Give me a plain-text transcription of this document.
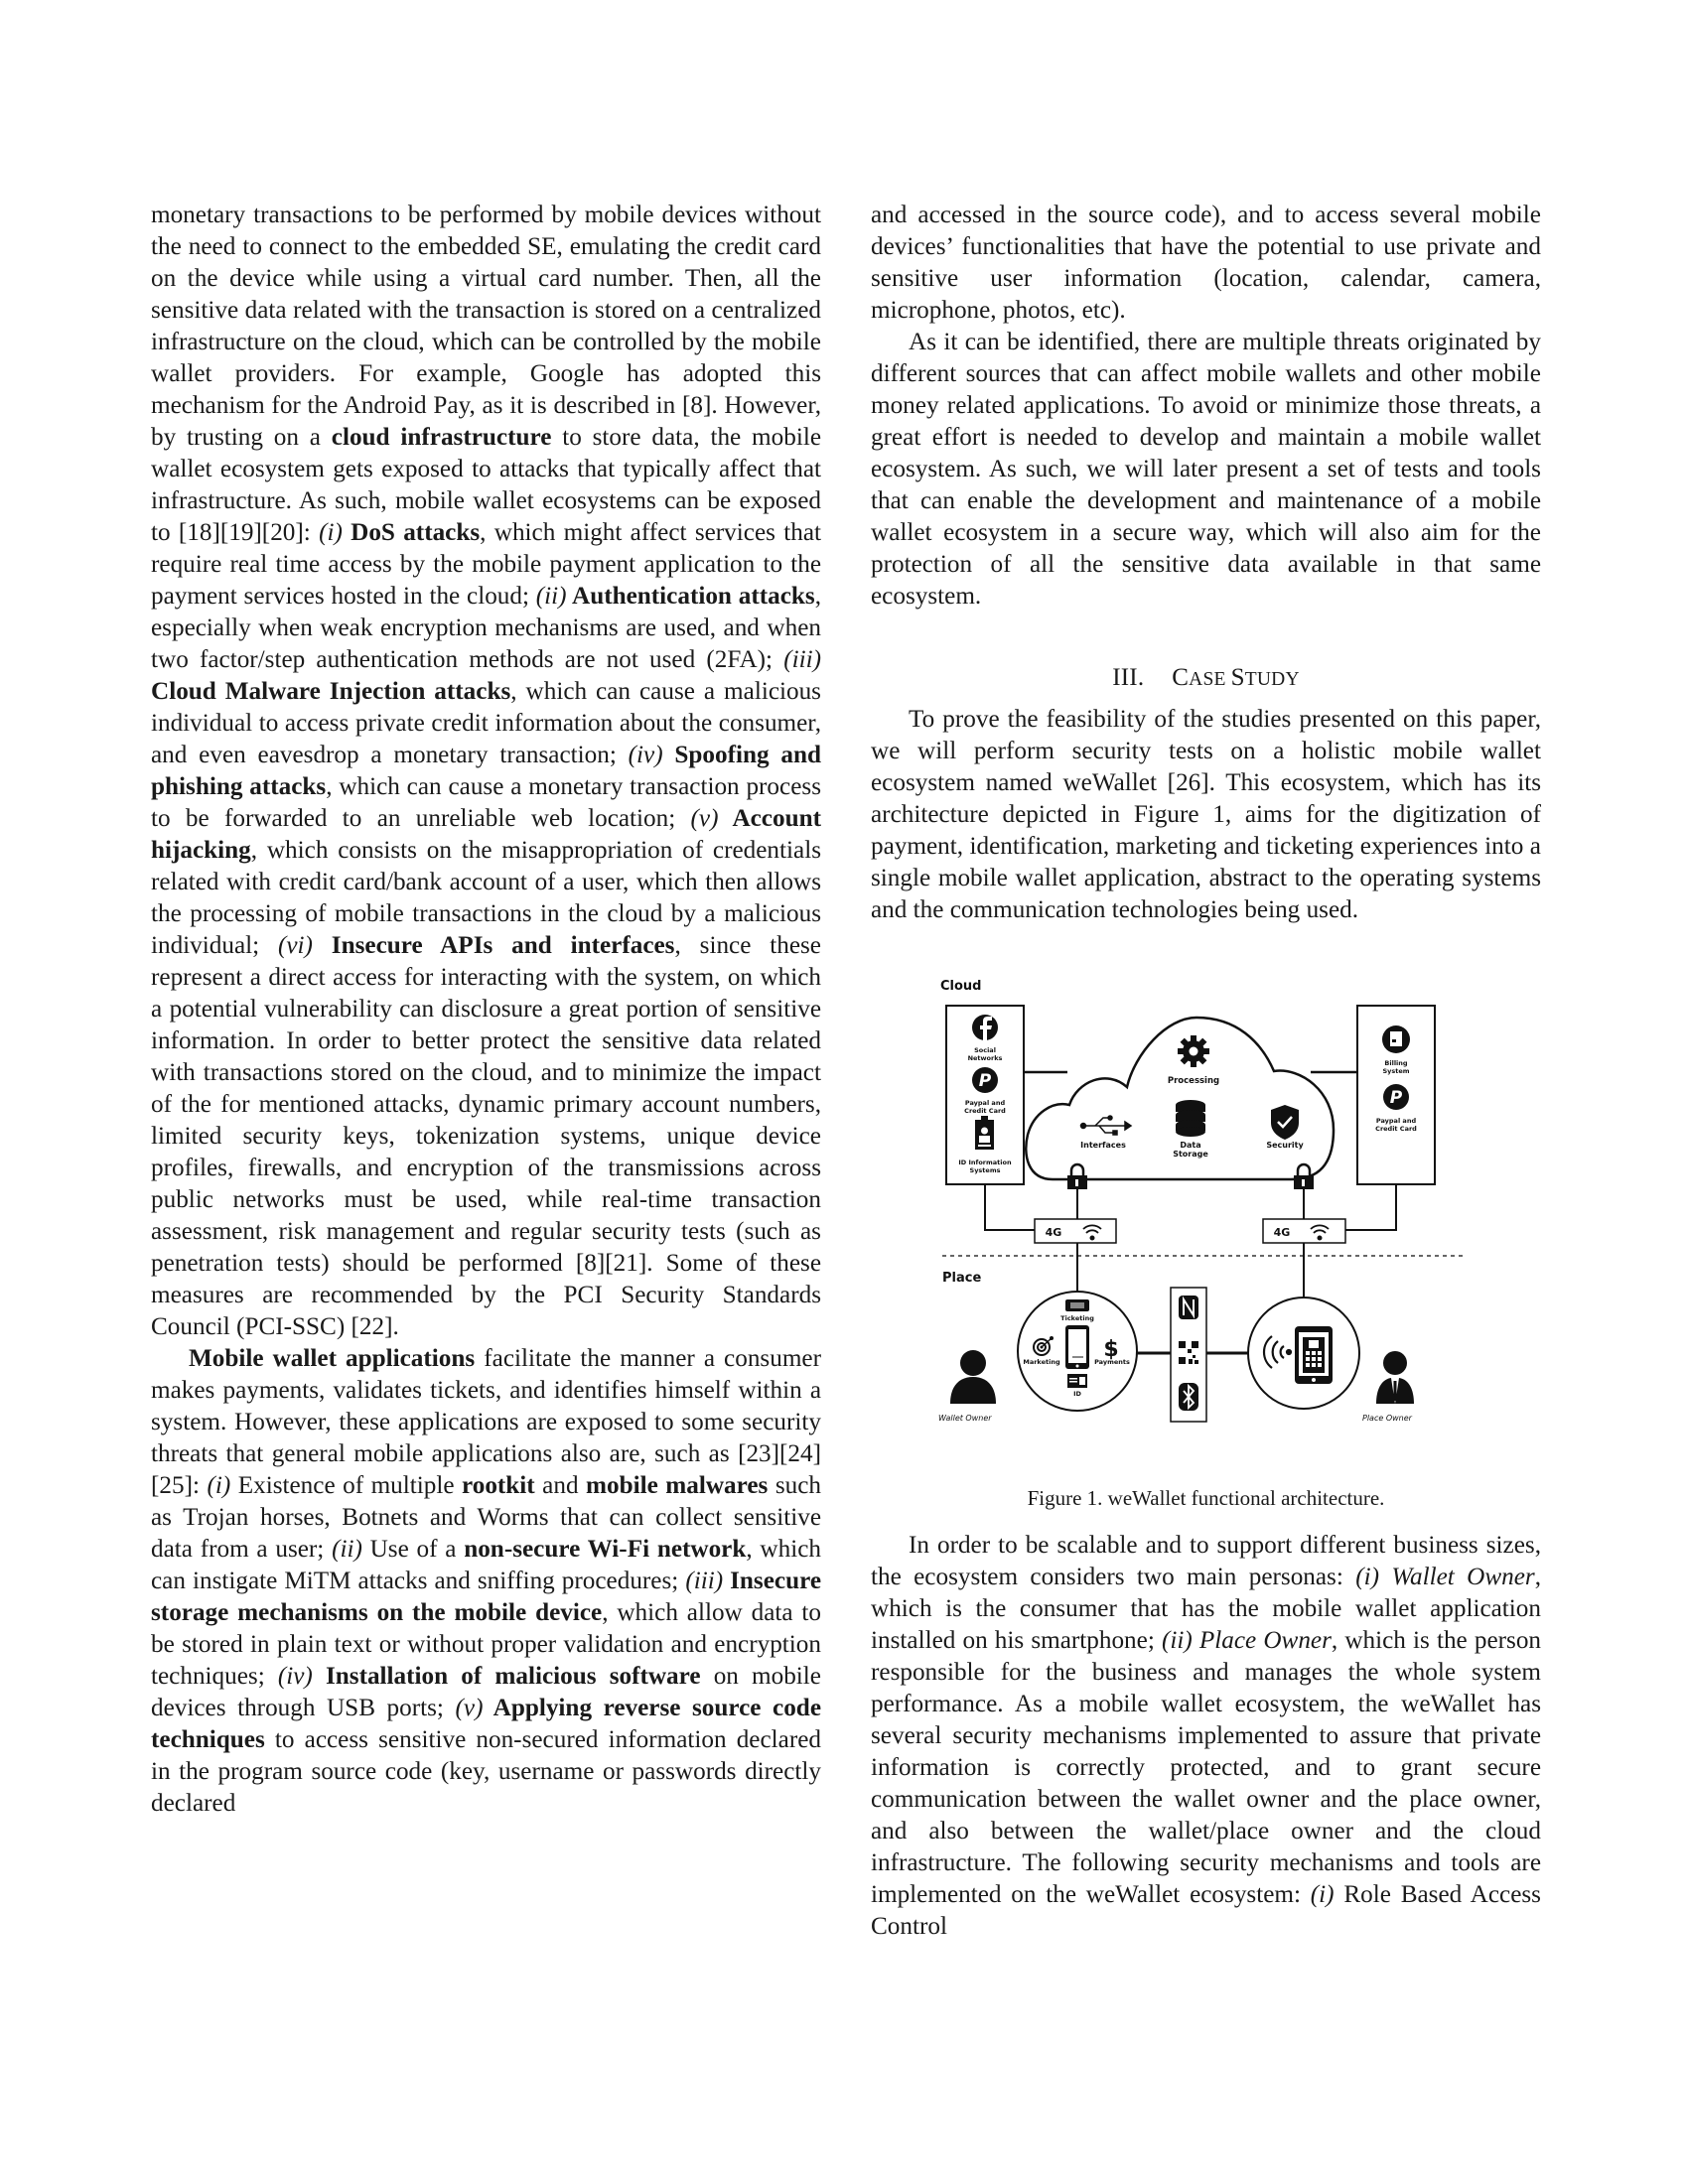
monetary transactions to be performed by mobile devices without the need to connect to the embedded SE, emulating the credit card on the device while using a virtual card number. Then, all the sensitive data related with the transaction is stored on a centralized infrastructure on the cloud, which can be controlled by the mobile wallet providers. For example, Google has adopted this mechanism for the Android Pay, as it is described in [8]. However, by trusting on a cloud infrastructure to store data, the mobile wallet ecosystem gets exposed to attacks that typically affect that infrastructure. As such, mobile wallet ecosystems can be exposed to [18][19][20]: (i) DoS attacks, which might affect services that require real time access by the mobile payment application to the payment services hosted in the cloud; (ii) Authentication attacks, especially when weak encryption mechanisms are used, and when two factor/step authentication methods are not used (2FA); (iii) Cloud Malware Injection attacks, which can cause a malicious individual to access private credit information about the consumer, and even eavesdrop a monetary transaction; (iv) Spoofing and phishing attacks, which can cause a monetary transaction process to be forwarded to an unreliable web location; (v) Account hijacking, which consists on the misappropriation of credentials related with credit card/bank account of a user, which then allows the processing of mobile transactions in the cloud by a malicious individual; (vi) Insecure APIs and interfaces, since these represent a direct access for interacting with the system, on which a potential vulnerability can disclosure a great portion of sensitive information. In order to better protect the sensitive data related with transactions stored on the cloud, and to minimize the impact of the for mentioned attacks, dynamic primary account numbers, limited security keys, tokenization systems, unique device profiles, firewalls, and encryption of the transmissions across public networks must be used, while real-time transaction assessment, risk management and regular security tests (such as penetration tests) should be performed [8][21]. Some of these measures are recommended by the PCI Security Standards Council (PCI-SSC) [22].

Mobile wallet applications facilitate the manner a consumer makes payments, validates tickets, and identifies himself within a system. However, these applications are exposed to some security threats that general mobile applications also are, such as [23][24][25]: (i) Existence of multiple rootkit and mobile malwares such as Trojan horses, Botnets and Worms that can collect sensitive data from a user; (ii) Use of a non-secure Wi-Fi network, which can instigate MiTM attacks and sniffing procedures; (iii) Insecure storage mechanisms on the mobile device, which allow data to be stored in plain text or without proper validation and encryption techniques; (iv) Installation of malicious software on mobile devices through USB ports; (v) Applying reverse source code techniques to access sensitive non-secured information declared in the program source code (key, username or passwords directly declared

and accessed in the source code), and to access several mobile devices’ functionalities that have the potential to use private and sensitive user information (location, calendar, camera, microphone, photos, etc).

As it can be identified, there are multiple threats originated by different sources that can affect mobile wallets and other mobile money related applications. To avoid or minimize those threats, a great effort is needed to develop and maintain a mobile wallet ecosystem. As such, we will later present a set of tests and tools that can enable the development and maintenance of a mobile wallet ecosystem in a secure way, which will also aim for the protection of all the sensitive data available in that same ecosystem.

III. CASE STUDY

To prove the feasibility of the studies presented on this paper, we will perform security tests on a holistic mobile wallet ecosystem named weWallet [26]. This ecosystem, which has its architecture depicted in Figure 1, aims for the digitization of payment, identification, marketing and ticketing experiences into a single mobile wallet application, abstract to the operating systems and the communication technologies being used.

Cloud
Social
Networks
P
Paypal and
Credit Card
ID Information
Systems
Billing
System
P
Paypal and
Credit Card
Processing
Interfaces	Data
Storage
Security
4G	4G
Place
Ticketing
Marketing $
Payments
ID
Wallet Owner	Place Owner

Figure 1. weWallet functional architecture.

In order to be scalable and to support different business sizes, the ecosystem considers two main personas: (i) Wallet Owner, which is the consumer that has the mobile wallet application installed on his smartphone; (ii) Place Owner, which is the person responsible for the business and manages the whole system performance. As a mobile wallet ecosystem, the weWallet has several security mechanisms implemented to assure that private information is correctly protected, and to grant secure communication between the wallet owner and the place owner, and also between the wallet/place owner and the cloud infrastructure. The following security mechanisms and tools are implemented on the weWallet ecosystem: (i) Role Based Access Control
